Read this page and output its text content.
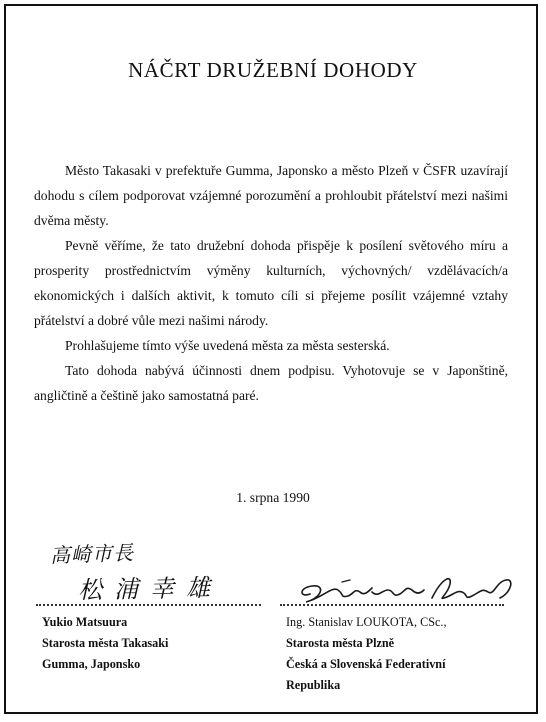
NÁČRT DRUŽEBNÍ DOHODY

Město Takasaki v prefektuře Gumma, Japonsko a město Plzeň v ČSFR uzavírají dohodu s cílem podporovat vzájemné porozumění a prohloubit přátelství mezi našimi dvěma městy.

Pevně věříme, že tato družební dohoda přispěje k posílení světového míru a prosperity prostřednictvím výměny kulturních, výchovných/ vzdělávacích/a ekonomických i dalších aktivit, k tomuto cíli si přejeme posílit vzájemné vztahy přátelství a dobré vůle mezi našimi národy.

Prohlašujeme tímto výše uvedená města za města sesterská.

Tato dohoda nabývá účinnosti dnem podpisu. Vyhotovuje se v Japonštině, angličtině a češtině jako samostatná paré.

1. srpna 1990
高崎市長
松浦幸雄
Yukio Matsuura
Starosta města Takasaki
Gumma, Japonsko
Ing. Stanislav LOUKOTA, CSc.,
Starosta města Plzně
Česká a Slovenská Federativní
Republika
